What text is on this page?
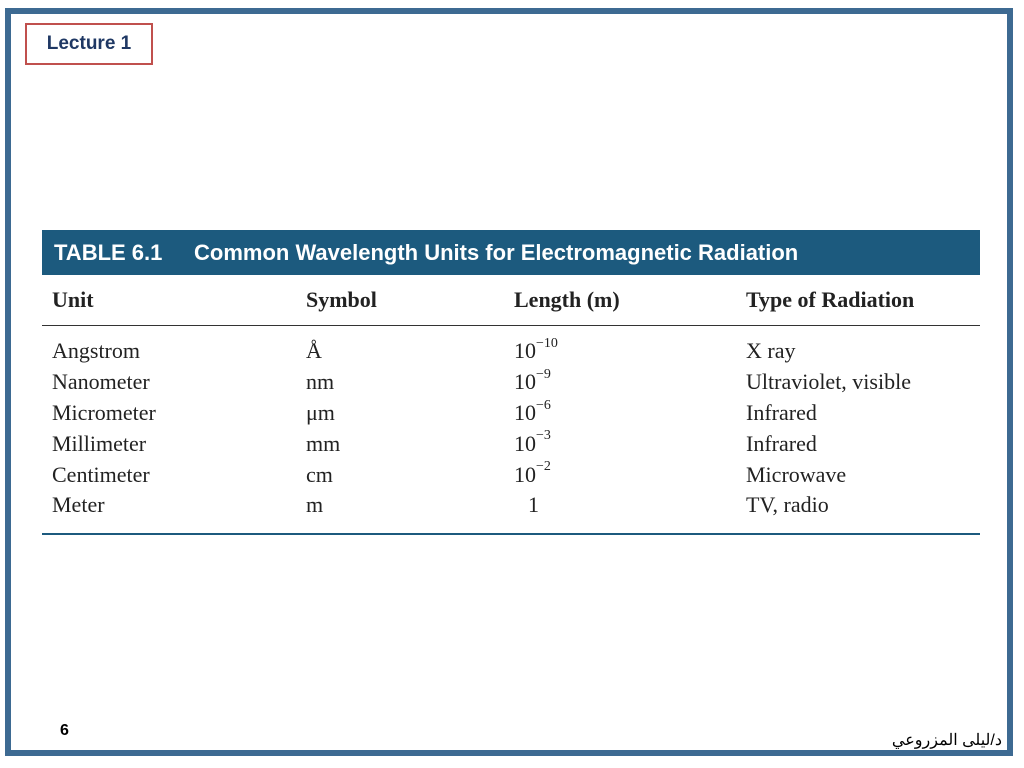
Lecture 1
TABLE 6.1	Common Wavelength Units for Electromagnetic Radiation
Unit	Symbol	Length (m)	Type of Radiation
Angstrom	Å	$10^{-10}$	X ray
Nanometer	nm	$10^{-9}$	Ultraviolet, visible
Micrometer	μm	$10^{-6}$	Infrared
Millimeter	mm	$10^{-3}$	Infrared
Centimeter	cm	$10^{-2}$	Microwave
Meter	m	1	TV, radio
6
د/ليلى المزروعي
